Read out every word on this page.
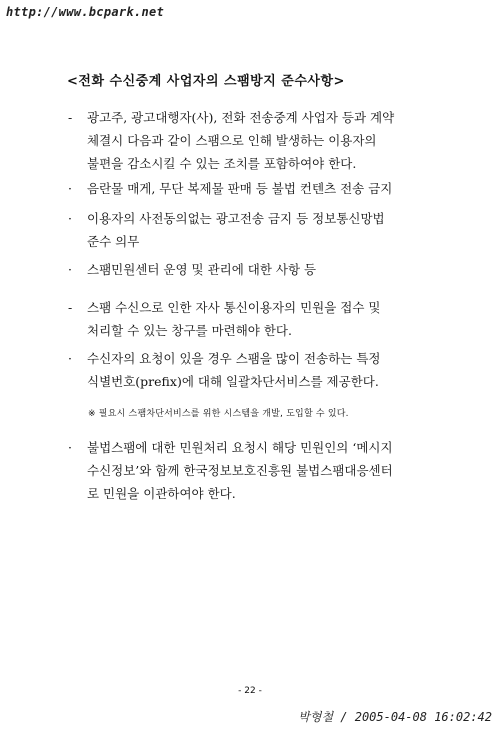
http://www.bcpark.net
<전화 수신중계 사업자의 스팸방지 준수사항>
- 광고주, 광고대행자(사), 전화 전송중계 사업자 등과 계약
체결시 다음과 같이 스팸으로 인해 발생하는 이용자의
불편을 감소시킬 수 있는 조치를 포함하여야 한다.
· 음란물 매게, 무단 복제물 판매 등 불법 컨텐츠 전송 금지
· 이용자의 사전동의없는 광고전송 금지 등 정보통신망법
준수 의무
· 스팸민원센터 운영 및 관리에 대한 사항 등
- 스팸 수신으로 인한 자사 통신이용자의 민원을 접수 및
처리할 수 있는 창구를 마련해야 한다.
· 수신자의 요청이 있을 경우 스팸을 많이 전송하는 특정
식별번호(prefix)에 대해 일괄차단서비스를 제공한다.
※ 필요시 스팸차단서비스를 위한 시스템을 개발, 도입할 수 있다.
· 불법스팸에 대한 민원처리 요청시 해당 민원인의 ‘메시지
수신정보’와 함께 한국정보보호진흥원 불법스팸대응센터
로 민원을 이관하여야 한다.
- 22 -
박형철 / 2005-04-08 16:02:42
